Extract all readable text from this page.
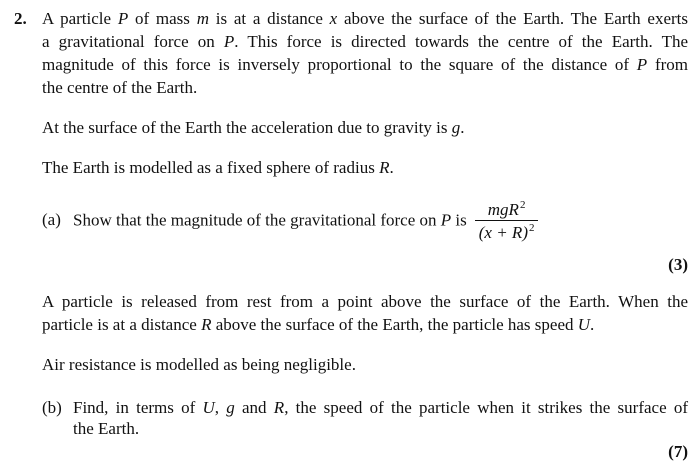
2. A particle P of mass m is at a distance x above the surface of the Earth. The Earth exerts
a gravitational force on P. This force is directed towards the centre of the Earth. The
magnitude of this force is inversely proportional to the square of the distance of P from
the centre of the Earth.
At the surface of the Earth the acceleration due to gravity is g.
The Earth is modelled as a fixed sphere of radius R.
(a) Show that the magnitude of the gravitational force on P is $\frac{mgR^2}{(x + R)^2}$
(3)
A particle is released from rest from a point above the surface of the Earth. When the
particle is at a distance R above the surface of the Earth, the particle has speed U.
Air resistance is modelled as being negligible.
(b) Find, in terms of U, g and R, the speed of the particle when it strikes the surface of
the Earth.
(7)
